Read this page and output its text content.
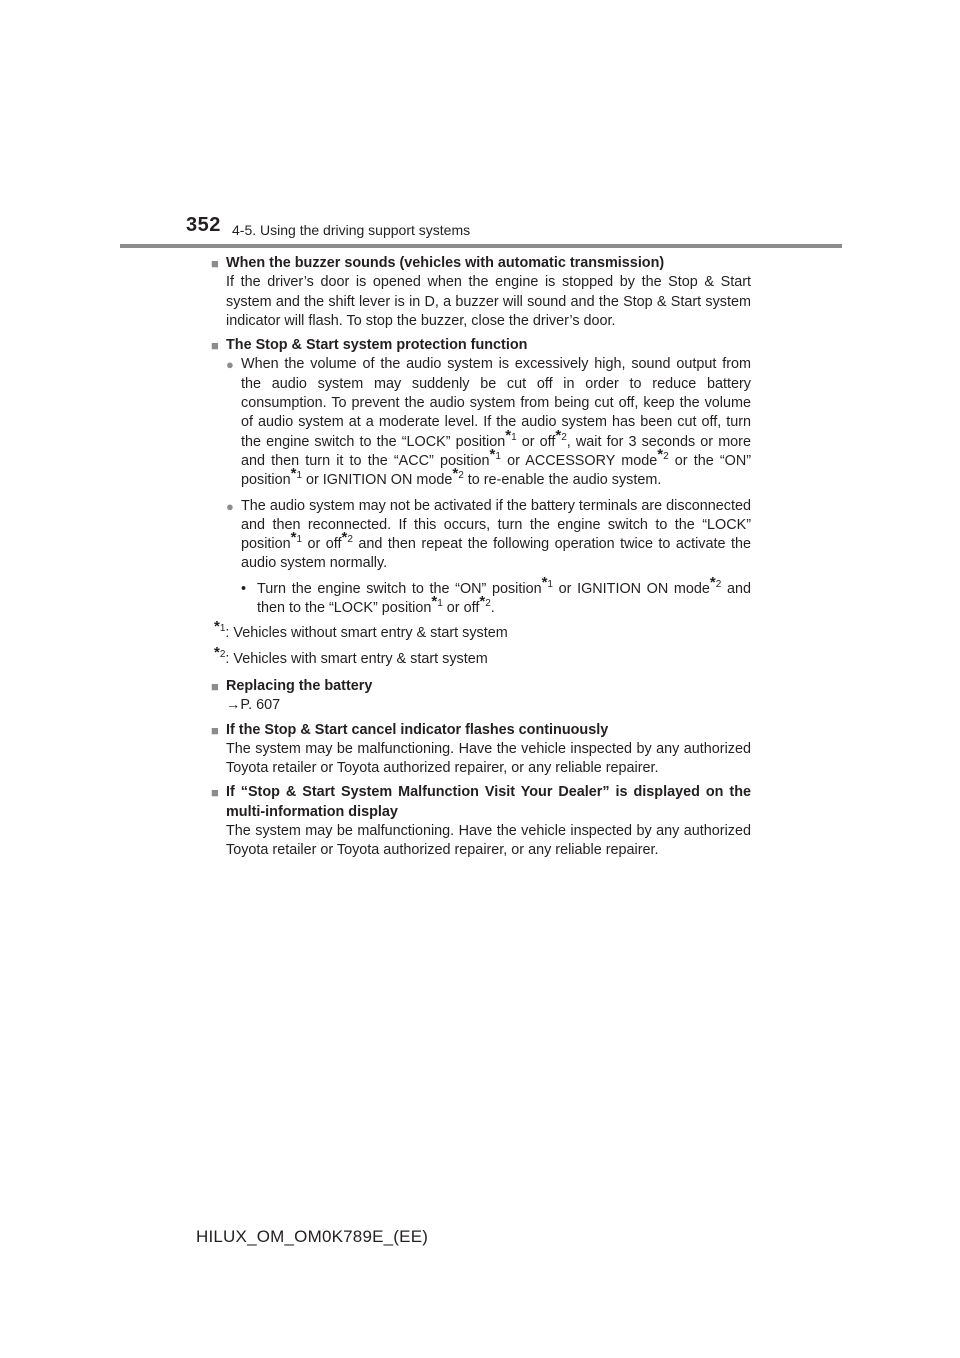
352 4-5. Using the driving support systems
■ When the buzzer sounds (vehicles with automatic transmission)
If the driver’s door is opened when the engine is stopped by the Stop & Start system and the shift lever is in D, a buzzer will sound and the Stop & Start system indicator will flash. To stop the buzzer, close the driver’s door.
■ The Stop & Start system protection function
● When the volume of the audio system is excessively high, sound output from the audio system may suddenly be cut off in order to reduce battery consumption. To prevent the audio system from being cut off, keep the volume of audio system at a moderate level. If the audio system has been cut off, turn the engine switch to the “LOCK” position$^{*1}$ or off$^{*2}$, wait for 3 seconds or more and then turn it to the “ACC” position$^{*1}$ or ACCESSORY mode$^{*2}$ or the “ON” position$^{*1}$ or IGNITION ON mode$^{*2}$ to re-enable the audio system.
● The audio system may not be activated if the battery terminals are disconnected and then reconnected. If this occurs, turn the engine switch to the “LOCK” position$^{*1}$ or off$^{*2}$ and then repeat the following operation twice to activate the audio system normally.
• Turn the engine switch to the “ON” position$^{*1}$ or IGNITION ON mode$^{*2}$ and then to the “LOCK” position$^{*1}$ or off$^{*2}$.
$^{*1}$ : Vehicles without smart entry & start system
$^{*2}$ : Vehicles with smart entry & start system
■ Replacing the battery
→P. 607
■ If the Stop & Start cancel indicator flashes continuously
The system may be malfunctioning. Have the vehicle inspected by any authorized Toyota retailer or Toyota authorized repairer, or any reliable repairer.
■ If “Stop & Start System Malfunction Visit Your Dealer” is displayed on the multi-information display
The system may be malfunctioning. Have the vehicle inspected by any authorized Toyota retailer or Toyota authorized repairer, or any reliable repairer.
HILUX_OM_OM0K789E_(EE)
